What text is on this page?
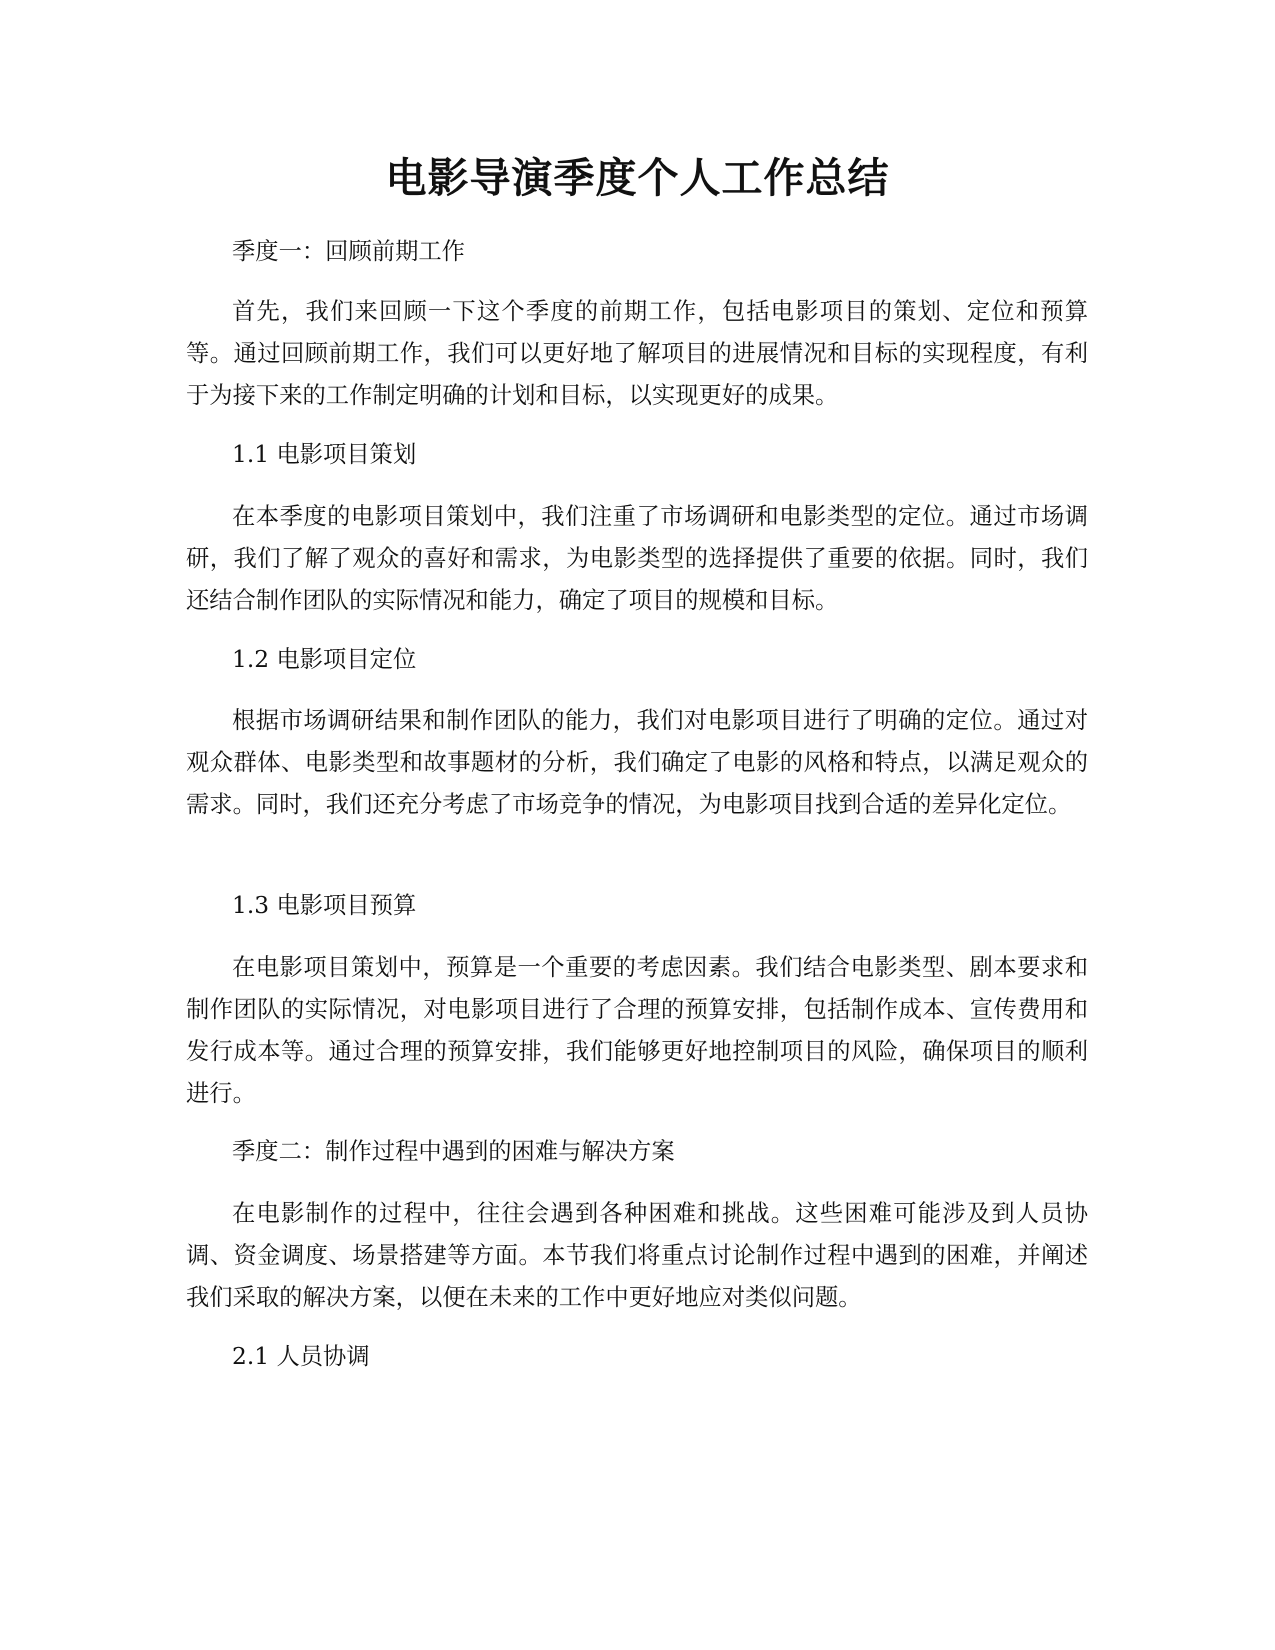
电影导演季度个人工作总结

季度一：回顾前期工作

首先，我们来回顾一下这个季度的前期工作，包括电影项目的策划、定位和预算等。通过回顾前期工作，我们可以更好地了解项目的进展情况和目标的实现程度，有利于为接下来的工作制定明确的计划和目标，以实现更好的成果。

1.1 电影项目策划

在本季度的电影项目策划中，我们注重了市场调研和电影类型的定位。通过市场调研，我们了解了观众的喜好和需求，为电影类型的选择提供了重要的依据。同时，我们还结合制作团队的实际情况和能力，确定了项目的规模和目标。

1.2 电影项目定位

根据市场调研结果和制作团队的能力，我们对电影项目进行了明确的定位。通过对观众群体、电影类型和故事题材的分析，我们确定了电影的风格和特点，以满足观众的需求。同时，我们还充分考虑了市场竞争的情况，为电影项目找到合适的差异化定位。

1.3 电影项目预算

在电影项目策划中，预算是一个重要的考虑因素。我们结合电影类型、剧本要求和制作团队的实际情况，对电影项目进行了合理的预算安排，包括制作成本、宣传费用和发行成本等。通过合理的预算安排，我们能够更好地控制项目的风险，确保项目的顺利进行。

季度二：制作过程中遇到的困难与解决方案

在电影制作的过程中，往往会遇到各种困难和挑战。这些困难可能涉及到人员协调、资金调度、场景搭建等方面。本节我们将重点讨论制作过程中遇到的困难，并阐述我们采取的解决方案，以便在未来的工作中更好地应对类似问题。

2.1 人员协调
